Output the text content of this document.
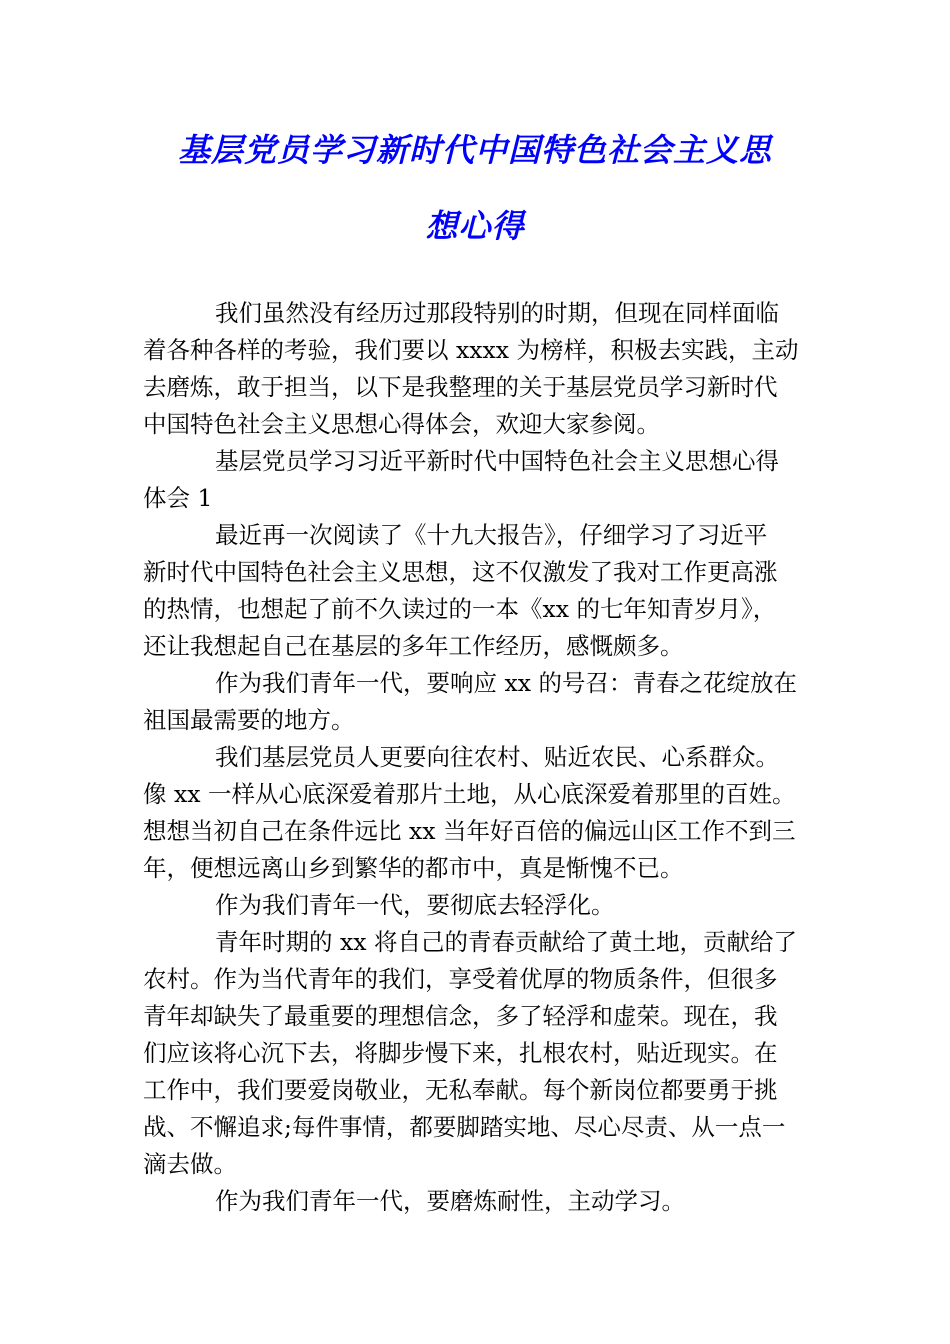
基层党员学习新时代中国特色社会主义思
想心得

我们虽然没有经历过那段特别的时期，但现在同样面临
着各种各样的考验，我们要以 xxxx 为榜样，积极去实践，主动
去磨炼，敢于担当，以下是我整理的关于基层党员学习新时代
中国特色社会主义思想心得体会，欢迎大家参阅。

基层党员学习习近平新时代中国特色社会主义思想心得
体会 1

最近再一次阅读了《十九大报告》，仔细学习了习近平
新时代中国特色社会主义思想，这不仅激发了我对工作更高涨
的热情，也想起了前不久读过的一本《xx 的七年知青岁月》，
还让我想起自己在基层的多年工作经历，感慨颇多。

作为我们青年一代，要响应 xx 的号召：青春之花绽放在
祖国最需要的地方。

我们基层党员人更要向往农村、贴近农民、心系群众。
像 xx 一样从心底深爱着那片土地，从心底深爱着那里的百姓。
想想当初自己在条件远比 xx 当年好百倍的偏远山区工作不到三
年，便想远离山乡到繁华的都市中，真是惭愧不已。

作为我们青年一代，要彻底去轻浮化。

青年时期的 xx 将自己的青春贡献给了黄土地，贡献给了
农村。作为当代青年的我们，享受着优厚的物质条件，但很多
青年却缺失了最重要的理想信念，多了轻浮和虚荣。现在，我
们应该将心沉下去，将脚步慢下来，扎根农村，贴近现实。在
工作中，我们要爱岗敬业，无私奉献。每个新岗位都要勇于挑
战、不懈追求;每件事情，都要脚踏实地、尽心尽责、从一点一
滴去做。

作为我们青年一代，要磨炼耐性，主动学习。
